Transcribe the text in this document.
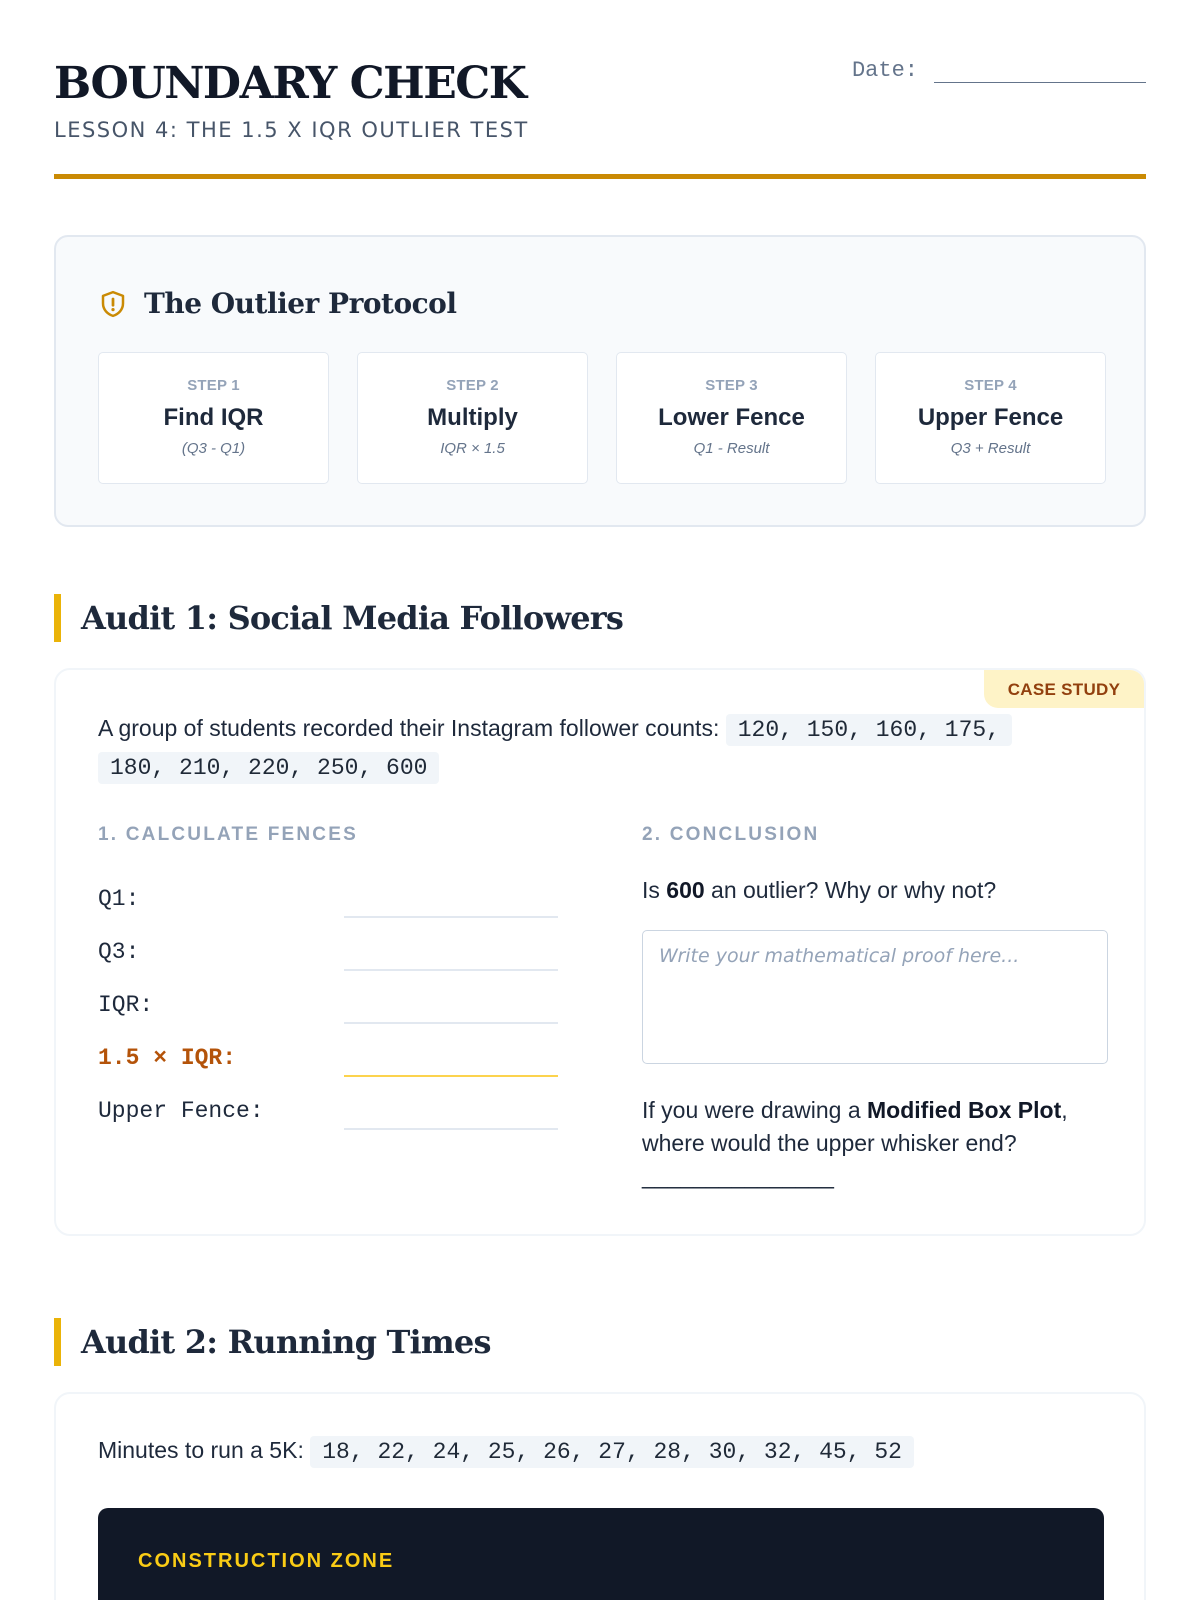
BOUNDARY CHECK
LESSON 4: THE 1.5 X IQR OUTLIER TEST
Date:
The Outlier Protocol
STEP 1
Find IQR
(Q3 - Q1)
STEP 2
Multiply
IQR × 1.5
STEP 3
Lower Fence
Q1 - Result
STEP 4
Upper Fence
Q3 + Result
Audit 1: Social Media Followers
CASE STUDY
A group of students recorded their Instagram follower counts: 120, 150, 160, 175,
180, 210, 220, 250, 600
1. CALCULATE FENCES
Q1:
Q3:
IQR:
1.5 × IQR:
Upper Fence:
2. CONCLUSION
Is 600 an outlier? Why or why not?
Write your mathematical proof here...
If you were drawing a Modified Box Plot, where would the upper whisker end?
_______________
Audit 2: Running Times
Minutes to run a 5K: 18, 22, 24, 25, 26, 27, 28, 30, 32, 45, 52
CONSTRUCTION ZONE
